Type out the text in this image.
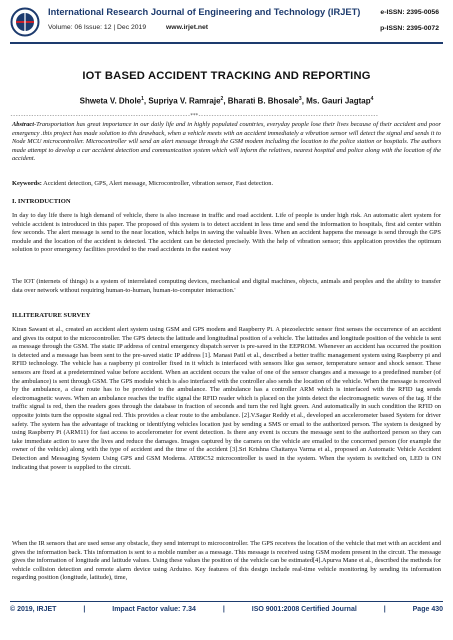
International Research Journal of Engineering and Technology (IRJET)
Volume: 06 Issue: 12 | Dec 2019	www.irjet.net
e-ISSN: 2395-0056
p-ISSN: 2395-0072
IOT BASED ACCIDENT TRACKING AND REPORTING
Shweta V. Dhole$^1$, Supriya V. Ramraje$^2$, Bharati B. Bhosale$^3$, Ms. Gauri Jagtap$^4$
---------------------------------------------------------------------***---------------------------------------------------------------------

Abstract-Transportation has great importance in our daily life and in highly populated countries, everyday people lose their lives because of their accident and poor emergency .this project has made solution to this drawback, when a vehicle meets with an accident immediately a vibration sensor will detect the signal and sends it to Node MCU microcontroller. Microcontroller will send an alert message through the GSM modem including the location to the police station or hospitals. The authors made attempt to develop a car accident detection and communication system which will inform the relatives, nearest hospital and police along with the location of the accident.

Keywords: Accident detection, GPS, Alert message, Microcontroller, vibration sensor, Fast detection.

I. INTRODUCTION

In day to day life there is high demand of vehicle, there is also increase in traffic and road accident. Life of people is under high risk. An automatic alert system for vehicle accident is introduced in this paper. The proposed of this system is to detect accident in less time and send the information to hospitals, first aid center within few seconds. The alert message is send to the near location, which helps in saving the valuable lives. When an accident happens the message is send through the GPS module and the location of the accident is detected. The accident can be detected precisely. With the help of vibration sensor; this application provides the optimum solution to poor emergency facilities provided to the road accidents in the easiest way

The IOT (internets of things) is a system of interrelated computing devices, mechanical and digital machines, objects, animals and peoples and the ability to transfer data over network without requiring human-to-human, human-to-computer interaction.'

II.LITERATURE SURVEY

Kiran Sawant et al., created an accident alert system using GSM and GPS modem and Raspberry Pi. A piezoelectric sensor first senses the occurrence of an accident and gives its output to the microcontroller. The GPS detects the latitude and longitudinal position of a vehicle. The latitudes and longitude position of the vehicle is sent as message through the GSM. The static IP address of central emergency dispatch server is pre-saved in the EEPROM. Whenever an accident has occurred the position is detected and a message has been sent to the pre-saved static IP address [1]. Manasi Patil et al., described a better traffic management system using Raspberry pi and RFID technology. The vehicle has a raspberry pi controller fixed in it which is interfaced with sensors like gas sensor, temperature sensor and shock sensor. These sensors are fixed at a predetermined value before accident. When an accident occurs the value of one of the sensor changes and a message to a predefined number (of the ambulance) is sent through GSM. The GPS module which is also interfaced with the controller also sends the location of the vehicle. When the message is received by the ambulance, a clear route has to be provided to the ambulance. The ambulance has a controller ARM which is interfaced with the RFID tag sends electromagnetic waves. When an ambulance reaches the traffic signal the RFID reader which is placed on the joints detect the electromagnetic waves of the tag. If the traffic signal is red, then the readers goes through the database in fraction of seconds and turn the red light green. And automatically in such condition the RFID on opposite joints turn the opposite signal red. This provides a clear route to the ambulance. [2].V.Sagar Reddy et al., developed an accelerometer based System for driver safety. The system has the advantage of tracking or identifying vehicles location just by sending a SMS or email to the authorized person. The system is designed by using Raspberry Pi (ARM11) for fast access to accelerometer for event detection. Is there any event is occurs the message sent to the authorized person so they can take immediate action to save the lives and reduce the damages. Images captured by the camera on the vehicle are emailed to the concerned person (for example the owner of the vehicle) along with the type of accident and the time of the accident [3].Sri Krishna Chaitanya Varma et al., proposed an Automatic Vehicle Accident Detection and Messaging System Using GPS and GSM Modems. AT89C52 microcontroller is used in the system. When the system is switched on, LED is ON indicating that power is supplied to the circuit.

When the IR sensors that are used sense any obstacle, they send interrupt to microcontroller. The GPS receives the location of the vehicle that met with an accident and gives the information back. This information is sent to a mobile number as a message. This message is received using GSM modem present in the circuit. The message gives the information of longitude and latitude values. Using these values the position of the vehicle can be estimated[4].Apurva Mane et al., described the methods for vehicle collision detection and remote alarm device using Arduino. Key features of this design include real-time vehicle monitoring by sending its information regarding position (longitude, latitude), time,

© 2019, IRJET	|	Impact Factor value: 7.34	|	ISO 9001:2008 Certified Journal	|	Page 430
